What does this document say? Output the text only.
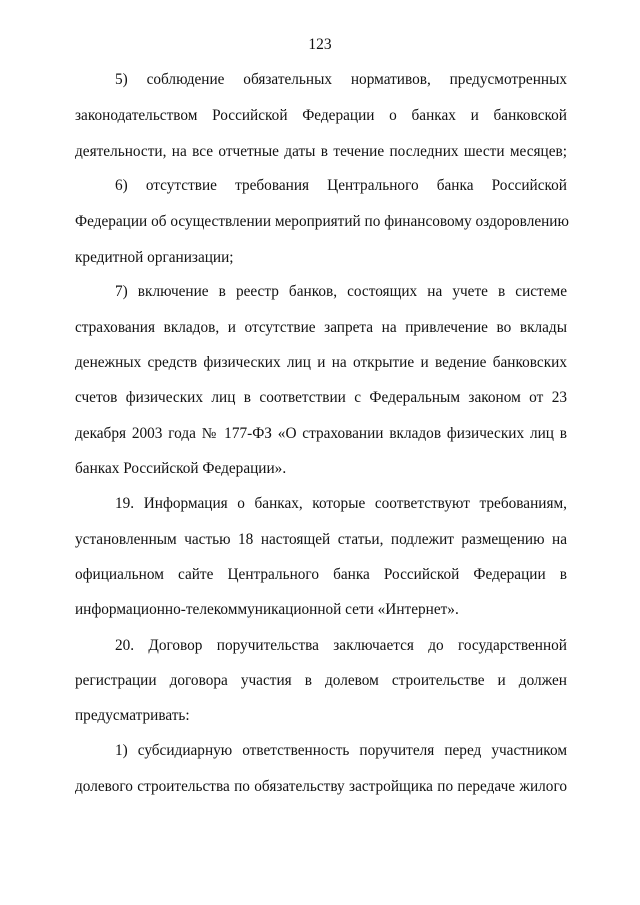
123
5) соблюдение обязательных нормативов, предусмотренных
законодательством Российской Федерации о банках и банковской
деятельности, на все отчетные даты в течение последних шести месяцев;
6) отсутствие требования Центрального банка Российской
Федерации об осуществлении мероприятий по финансовому оздоровлению
кредитной организации;
7) включение в реестр банков, состоящих на учете в системе
страхования вкладов, и отсутствие запрета на привлечение во вклады
денежных средств физических лиц и на открытие и ведение банковских
счетов физических лиц в соответствии с Федеральным законом от 23
декабря 2003 года № 177-ФЗ «О страховании вкладов физических лиц в
банках Российской Федерации».
19. Информация о банках, которые соответствуют требованиям,
установленным частью 18 настоящей статьи, подлежит размещению на
официальном сайте Центрального банка Российской Федерации в
информационно-телекоммуникационной сети «Интернет».
20. Договор поручительства заключается до государственной
регистрации договора участия в долевом строительстве и должен
предусматривать:
1) субсидиарную ответственность поручителя перед участником
долевого строительства по обязательству застройщика по передаче жилого
